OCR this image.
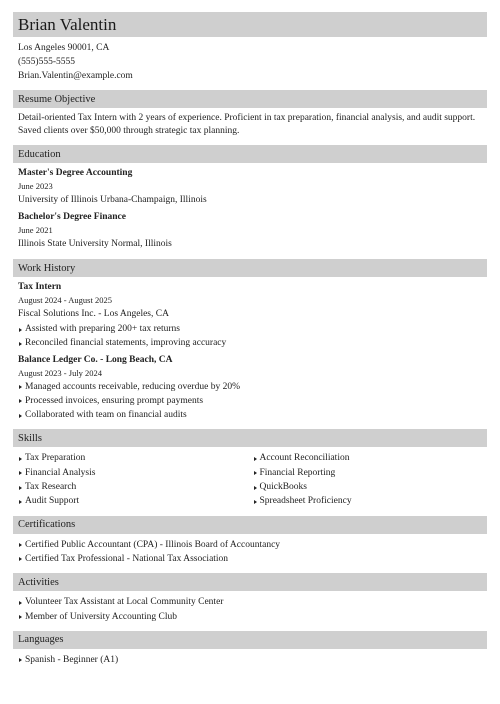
Brian Valentin
Los Angeles 90001, CA
(555)555-5555
Brian.Valentin@example.com
Resume Objective
Detail-oriented Tax Intern with 2 years of experience. Proficient in tax preparation, financial analysis, and audit support. Saved clients over $50,000 through strategic tax planning.
Education
Master's Degree Accounting
June 2023
University of Illinois Urbana-Champaign, Illinois
Bachelor's Degree Finance
June 2021
Illinois State University Normal, Illinois
Work History
Tax Intern
August 2024 - August 2025
Fiscal Solutions Inc. - Los Angeles, CA
Assisted with preparing 200+ tax returns
Reconciled financial statements, improving accuracy
Balance Ledger Co. - Long Beach, CA
August 2023 - July 2024
Managed accounts receivable, reducing overdue by 20%
Processed invoices, ensuring prompt payments
Collaborated with team on financial audits
Skills
Tax Preparation
Financial Analysis
Tax Research
Audit Support
Account Reconciliation
Financial Reporting
QuickBooks
Spreadsheet Proficiency
Certifications
Certified Public Accountant (CPA) - Illinois Board of Accountancy
Certified Tax Professional - National Tax Association
Activities
Volunteer Tax Assistant at Local Community Center
Member of University Accounting Club
Languages
Spanish - Beginner (A1)
